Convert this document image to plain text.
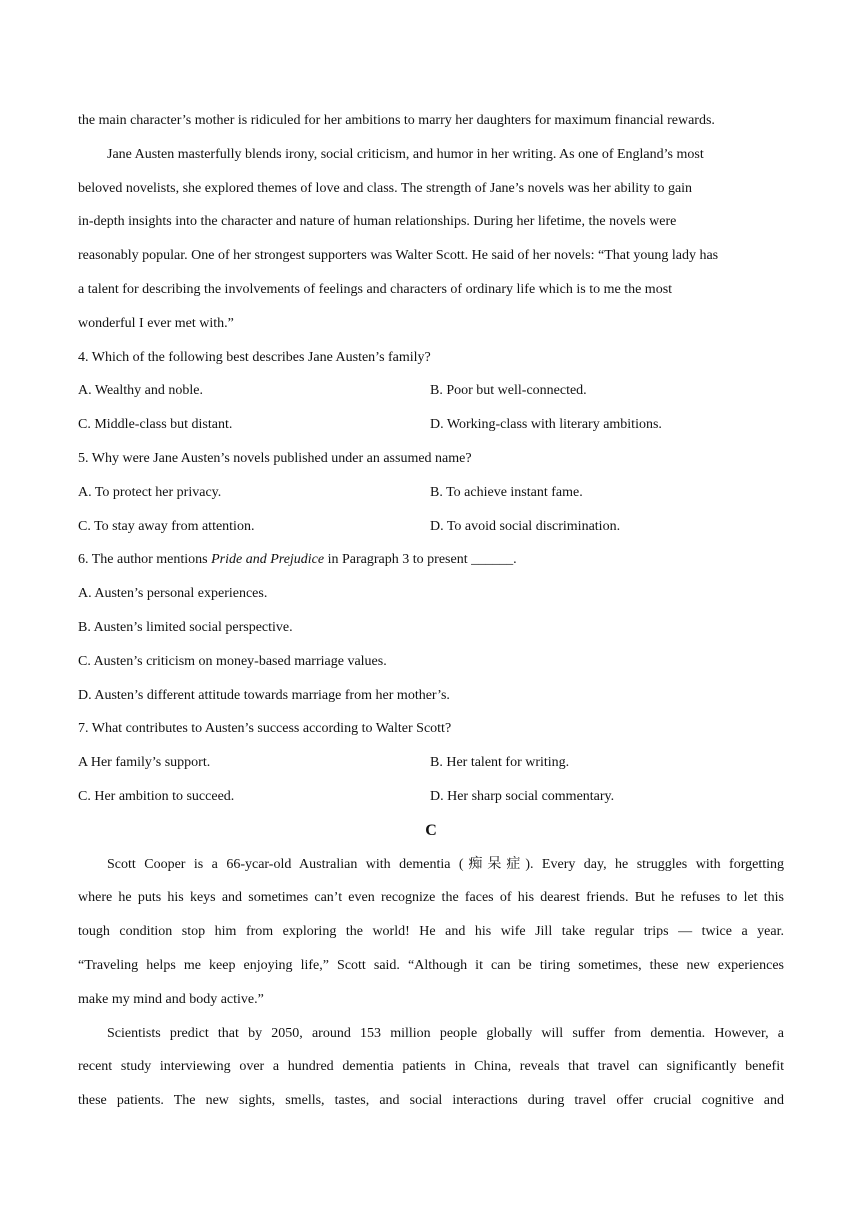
the main character’s mother is ridiculed for her ambitions to marry her daughters for maximum financial rewards.
Jane Austen masterfully blends irony, social criticism, and humor in her writing. As one of England’s most
beloved novelists, she explored themes of love and class. The strength of Jane’s novels was her ability to gain
in-depth insights into the character and nature of human relationships. During her lifetime, the novels were
reasonably popular. One of her strongest supporters was Walter Scott. He said of her novels: “That young lady has
a talent for describing the involvements of feelings and characters of ordinary life which is to me the most
wonderful I ever met with.”
4. Which of the following best describes Jane Austen’s family?
A. Wealthy and noble.	B. Poor but well-connected.
C. Middle-class but distant.	D. Working-class with literary ambitions.
5. Why were Jane Austen’s novels published under an assumed name?
A. To protect her privacy.	B. To achieve instant fame.
C. To stay away from attention.	D. To avoid social discrimination.
6. The author mentions Pride and Prejudice in Paragraph 3 to present ______.
A. Austen’s personal experiences.
B. Austen’s limited social perspective.
C. Austen’s criticism on money-based marriage values.
D. Austen’s different attitude towards marriage from her mother’s.
7. What contributes to Austen’s success according to Walter Scott?
A Her family’s support.	B. Her talent for writing.
C. Her ambition to succeed.	D. Her sharp social commentary.
C
Scott Cooper is a 66-ycar-old Australian with dementia (痴呆症). Every day, he struggles with forgetting
where he puts his keys and sometimes can’t even recognize the faces of his dearest friends. But he refuses to let this
tough condition stop him from exploring the world! He and his wife Jill take regular trips — twice a year.
“Traveling helps me keep enjoying life,” Scott said. “Although it can be tiring sometimes, these new experiences
make my mind and body active.”
Scientists predict that by 2050, around 153 million people globally will suffer from dementia. However, a
recent study interviewing over a hundred dementia patients in China, reveals that travel can significantly benefit
these patients. The new sights, smells, tastes, and social interactions during travel offer crucial cognitive and
